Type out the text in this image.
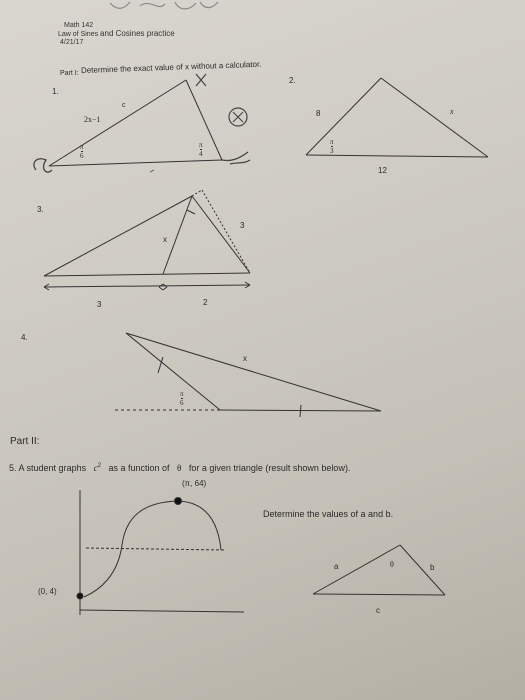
Math 142
Law of Sines and Cosines practice
4/21/17
Part I: Determine the exact value of x without a calculator.
1.
2x−1
c
π
6
π
4
2.
8	x
12
π
3
3.
x
3
3	2
4.
x
π
6
Part II:
5. A student graphs $c^2$ as a function of θ for a given triangle (result shown below).
(π, 64)
(0, 4)
Determine the values of a and b.
a	θ	b
c
